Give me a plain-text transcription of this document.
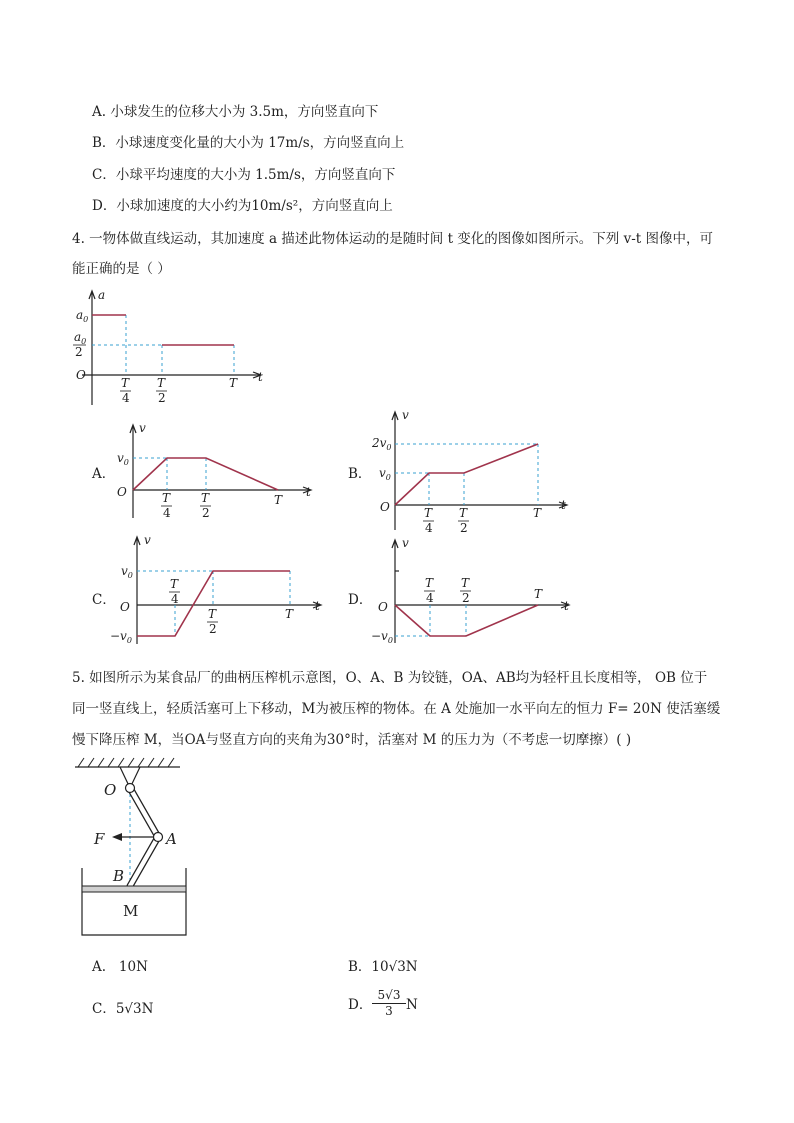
A. 小球发生的位移大小为 3.5m，方向竖直向下
B．小球速度变化量的大小为 17m/s，方向竖直向上
C．小球平均速度的大小为 1.5m/s，方向竖直向下
D．小球加速度的大小约为10m/s²，方向竖直向上
4. 一物体做直线运动，其加速度 a 描述此物体运动的是随时间 t 变化的图像如图所示。下列 v-t 图像中，可
能正确的是（ ）
a
$a_0$
$a_0$
2
O	t
T
4
T
2
T
A．
v
$v_0$
O	t
T
4
T
2
T
B．
v
$2v_0$
$v_0$
O	t
T
4
T
2
T
C．
v
$v_0$
O
$-v_0$
t
T
4
T
2
T
D．
v
O
$-v_0$
t
T
4
T
2	T
5. 如图所示为某食品厂的曲柄压榨机示意图，O、A、B 为铰链，OA、AB均为轻杆且长度相等， OB 位于
同一竖直线上，轻质活塞可上下移动，M为被压榨的物体。在 A 处施加一水平向左的恒力 F= 20N 使活塞缓
慢下降压榨 M，当OA与竖直方向的夹角为30°时，活塞对 M 的压力为（不考虑一切摩擦）( )
O
A
B
F
M
A. 10N	B．10√3N
C．5√3N	D．
5√3
3 N
